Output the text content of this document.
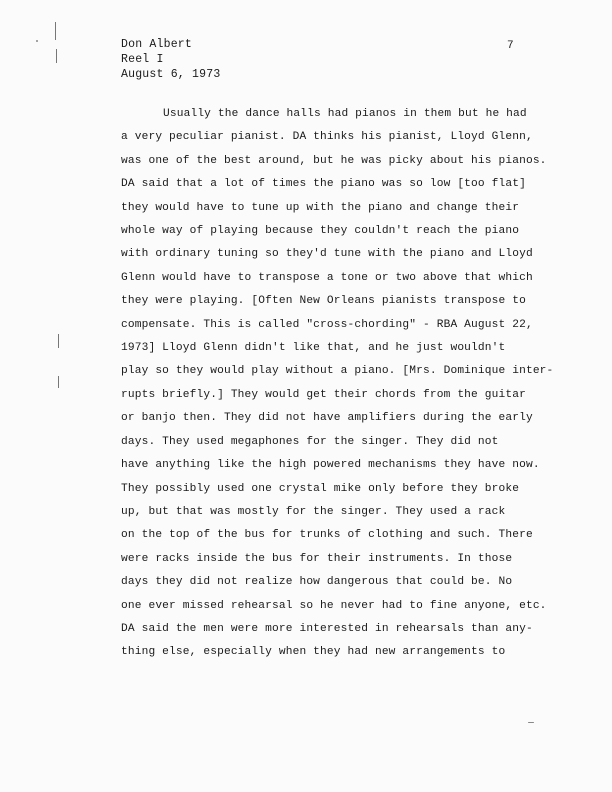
Don Albert
Reel I
August 6, 1973
7
Usually the dance halls had pianos in them but he had
a very peculiar pianist. DA thinks his pianist, Lloyd Glenn,
was one of the best around, but he was picky about his pianos.
DA said that a lot of times the piano was so low [too flat]
they would have to tune up with the piano and change their
whole way of playing because they couldn't reach the piano
with ordinary tuning so they'd tune with the piano and Lloyd
Glenn would have to transpose a tone or two above that which
they were playing. [Often New Orleans pianists transpose to
compensate. This is called "cross-chording" - RBA August 22,
1973] Lloyd Glenn didn't like that, and he just wouldn't
play so they would play without a piano. [Mrs. Dominique inter-
rupts briefly.] They would get their chords from the guitar
or banjo then. They did not have amplifiers during the early
days. They used megaphones for the singer. They did not
have anything like the high powered mechanisms they have now.
They possibly used one crystal mike only before they broke
up, but that was mostly for the singer. They used a rack
on the top of the bus for trunks of clothing and such. There
were racks inside the bus for their instruments. In those
days they did not realize how dangerous that could be. No
one ever missed rehearsal so he never had to fine anyone, etc.
DA said the men were more interested in rehearsals than any-
thing else, especially when they had new arrangements to
